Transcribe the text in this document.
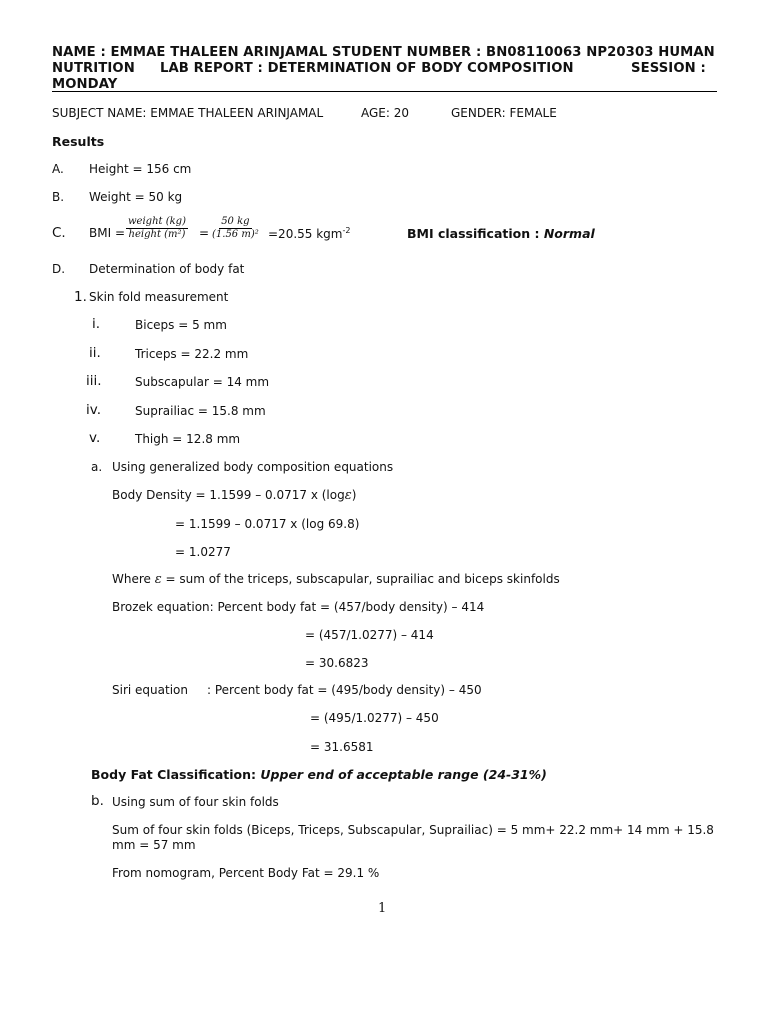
NAME : EMMAE THALEEN ARINJAMAL STUDENT NUMBER : BN08110063 NP20303 HUMAN
NUTRITION LAB REPORT : DETERMINATION OF BODY COMPOSITION	SESSION :
MONDAY
SUBJECT NAME: EMMAE THALEEN ARINJAMAL	AGE: 20	GENDER: FEMALE
Results
A. Height = 156 cm
B. Weight = 50 kg
C. BMI =
weight (kg)
height $(m^2) = \frac{50 kg}{\text{(1.56 m)²}} =20.55$ kgm$^{-2}$	BMI classification : Normal
D. Determination of body fat
1. Skin fold measurement
i.	Biceps = 5 mm
ii.	Triceps = 22.2 mm
iii.	Subscapular = 14 mm
iv.	Suprailiac = 15.8 mm
v.	Thigh = 12.8 mm
a. Using generalized body composition equations
Body Density = 1.1599 – 0.0717 x (logε)
= 1.1599 – 0.0717 x (log 69.8)
= 1.0277
Where ε = sum of the triceps, subscapular, suprailiac and biceps skinfolds
Brozek equation: Percent body fat = (457/body density) – 414
= (457/1.0277) – 414
= 30.6823
Siri equation : Percent body fat = (495/body density) – 450
= (495/1.0277) – 450
= 31.6581
Body Fat Classification: Upper end of acceptable range (24-31%)
b. Using sum of four skin folds
Sum of four skin folds (Biceps, Triceps, Subscapular, Suprailiac) = 5 mm+ 22.2 mm+ 14 mm + 15.8
mm = 57 mm
From nomogram, Percent Body Fat = 29.1 %
1
